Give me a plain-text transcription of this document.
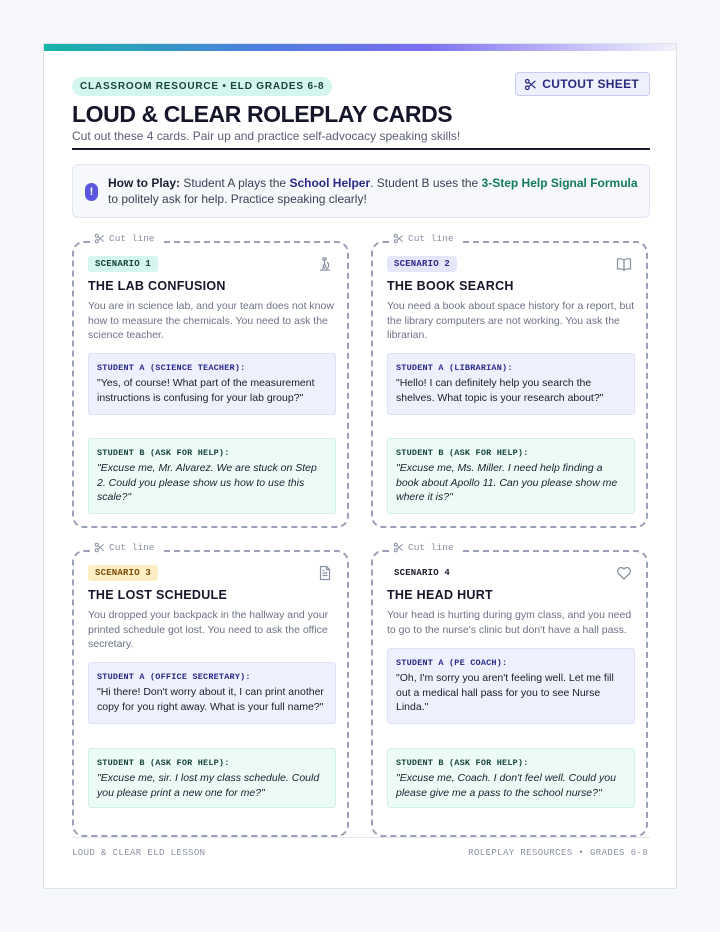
CLASSROOM RESOURCE • ELD GRADES 6-8	CUTOUT SHEET
LOUD & CLEAR ROLEPLAY CARDS
Cut out these 4 cards. Pair up and practice self-advocacy speaking skills!
!
How to Play: Student A plays the School Helper. Student B uses the 3-Step Help Signal Formula to politely ask for help. Practice speaking clearly!
Cut line
SCENARIO 1
THE LAB CONFUSION
You are in science lab, and your team does not know how to measure the chemicals. You need to ask the science teacher.
STUDENT A (SCIENCE TEACHER):
"Yes, of course! What part of the measurement instructions is confusing for your lab group?"
STUDENT B (ASK FOR HELP):
"Excuse me, Mr. Alvarez. We are stuck on Step 2. Could you please show us how to use this scale?"
Cut line
SCENARIO 2
THE BOOK SEARCH
You need a book about space history for a report, but the library computers are not working. You ask the librarian.
STUDENT A (LIBRARIAN):
"Hello! I can definitely help you search the shelves. What topic is your research about?"
STUDENT B (ASK FOR HELP):
"Excuse me, Ms. Miller. I need help finding a book about Apollo 11. Can you please show me where it is?"
Cut line
SCENARIO 3
THE LOST SCHEDULE
You dropped your backpack in the hallway and your printed schedule got lost. You need to ask the office secretary.
STUDENT A (OFFICE SECRETARY):
"Hi there! Don't worry about it, I can print another copy for you right away. What is your full name?"
STUDENT B (ASK FOR HELP):
"Excuse me, sir. I lost my class schedule. Could you please print a new one for me?"
Cut line
SCENARIO 4
THE HEAD HURT
Your head is hurting during gym class, and you need to go to the nurse's clinic but don't have a hall pass.
STUDENT A (PE COACH):
"Oh, I'm sorry you aren't feeling well. Let me fill out a medical hall pass for you to see Nurse Linda."
STUDENT B (ASK FOR HELP):
"Excuse me, Coach. I don't feel well. Could you please give me a pass to the school nurse?"
LOUD & CLEAR ELD LESSON	ROLEPLAY RESOURCES • GRADES 6-8
